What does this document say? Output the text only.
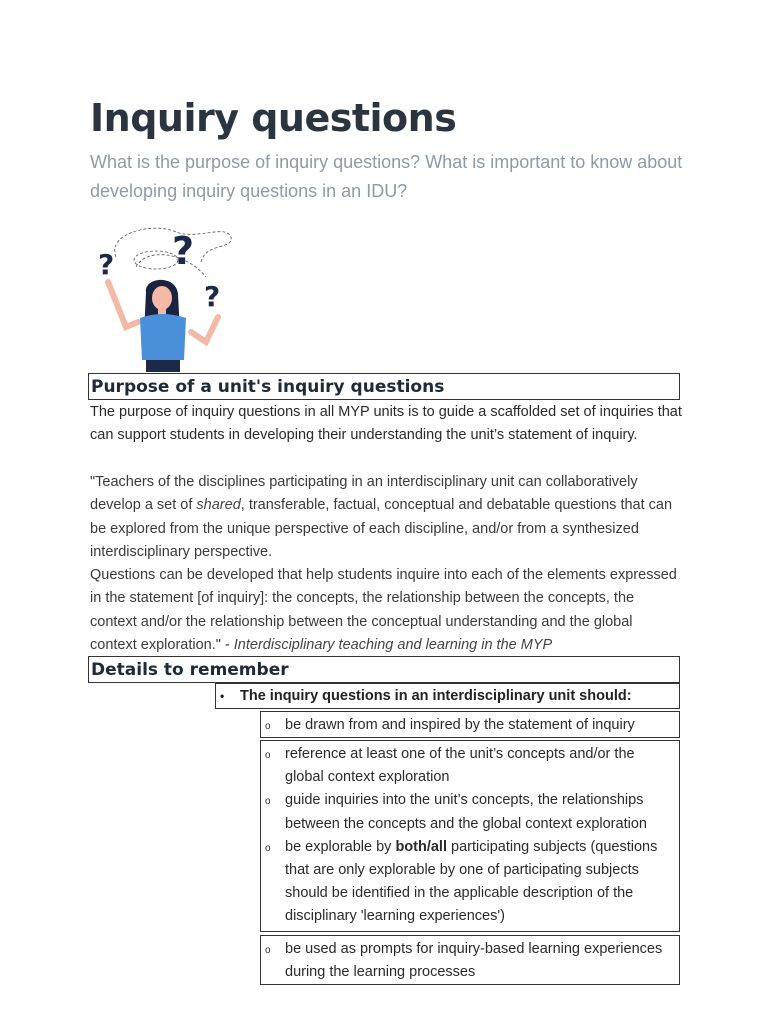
Inquiry questions

What is the purpose of inquiry questions? What is important to know about developing inquiry questions in an IDU?

? ?
?
Purpose of a unit's inquiry questions

The purpose of inquiry questions in all MYP units is to guide a scaffolded set of inquiries that can support students in developing their understanding the unit’s statement of inquiry.

"Teachers of the disciplines participating in an interdisciplinary unit can collaboratively develop a set of shared, transferable, factual, conceptual and debatable questions that can be explored from the unique perspective of each discipline, and/or from a synthesized interdisciplinary perspective.

Questions can be developed that help students inquire into each of the elements expressed in the statement [of inquiry]: the concepts, the relationship between the concepts, the context and/or the relationship between the conceptual understanding and the global context exploration." - Interdisciplinary teaching and learning in the MYP

Details to remember
•	The inquiry questions in an interdisciplinary unit should:
o be drawn from and inspired by the statement of inquiry
o reference at least one of the unit’s concepts and/or the global context exploration
o guide inquiries into the unit’s concepts, the relationships between the concepts and the global context exploration
o be explorable by both/all participating subjects (questions that are only explorable by one of participating subjects should be identified in the applicable description of the disciplinary 'learning experiences')
o be used as prompts for inquiry-based learning experiences during the learning processes
